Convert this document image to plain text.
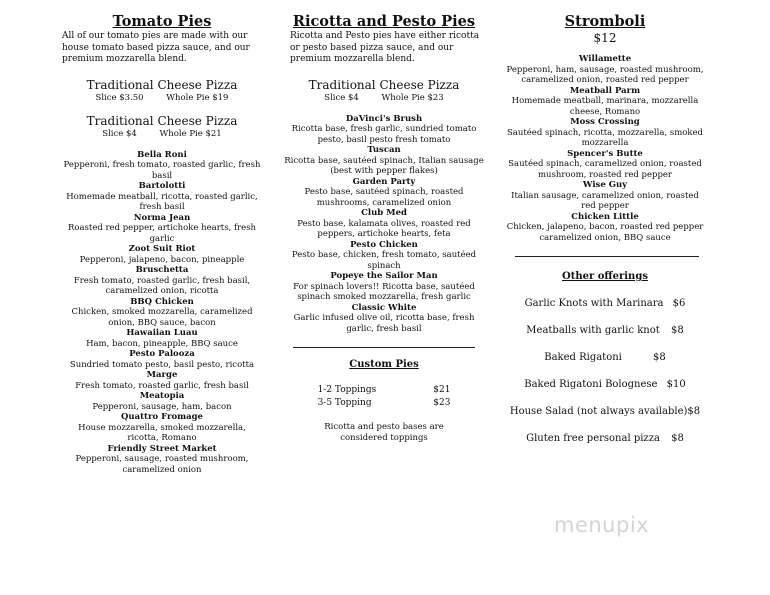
Tomato Pies

All of our tomato pies are made with our house tomato based pizza sauce, and our premium mozzarella blend.

Traditional Cheese Pizza
Slice $3.50	Whole Pie $19
Traditional Cheese Pizza
Slice $4	Whole Pie $21
Bella Roni
Pepperoni, fresh tomato, roasted garlic, fresh basil
Bartolotti
Homemade meatball, ricotta, roasted garlic, fresh basil
Norma Jean
Roasted red pepper, artichoke hearts, fresh garlic
Zoot Suit Riot
Pepperoni, jalapeno, bacon, pineapple
Bruschetta
Fresh tomato, roasted garlic, fresh basil, caramelized onion, ricotta
BBQ Chicken
Chicken, smoked mozzarella, caramelized onion, BBQ sauce, bacon
Hawaiian Luau
Ham, bacon, pineapple, BBQ sauce
Pesto Palooza
Sundried tomato pesto, basil pesto, ricotta
Marge
Fresh tomato, roasted garlic, fresh basil
Meatopia
Pepperoni, sausage, ham, bacon
Quattro Fromage
House mozzarella, smoked mozzarella, ricotta, Romano
Friendly Street Market
Pepperoni, sausage, roasted mushroom, caramelized onion
Ricotta and Pesto Pies

Ricotta and Pesto pies have either ricotta or pesto based pizza sauce, and our premium mozzarella blend.

Traditional Cheese Pizza
Slice $4	Whole Pie $23
DaVinci's Brush
Ricotta base, fresh garlic, sundried tomato pesto, basil pesto fresh tomato
Tuscan
Ricotta base, sautéed spinach, Italian sausage (best with pepper flakes)
Garden Party
Pesto base, sautéed spinach, roasted mushrooms, caramelized onion
Club Med
Pesto base, kalamata olives, roasted red peppers, artichoke hearts, feta
Pesto Chicken
Pesto base, chicken, fresh tomato, sautéed spinach
Popeye the Sailor Man
For spinach lovers!! Ricotta base, sautéed spinach smoked mozzarella, fresh garlic
Classic White
Garlic infused olive oil, ricotta base, fresh garlic, fresh basil
Custom Pies
1-2 Toppings	$21
3-5 Topping	$23
Ricotta and pesto bases are considered toppings
Stromboli
$12
Willamette
Pepperoni, ham, sausage, roasted mushroom, caramelized onion, roasted red pepper
Meatball Parm
Homemade meatball, marinara, mozzarella cheese, Romano
Moss Crossing
Sautéed spinach, ricotta, mozzarella, smoked mozzarella
Spencer's Butte
Sautéed spinach, caramelized onion, roasted mushroom, roasted red pepper
Wise Guy
Italian sausage, caramelized onion, roasted red pepper
Chicken Little
Chicken, jalapeno, bacon, roasted red pepper caramelized onion, BBQ sauce
Other offerings
Garlic Knots with Marinara $6
Meatballs with garlic knot $8
Baked Rigatoni	$8
Baked Rigatoni Bolognese $10
House Salad (not always available)$8
Gluten free personal pizza $8
menupix
